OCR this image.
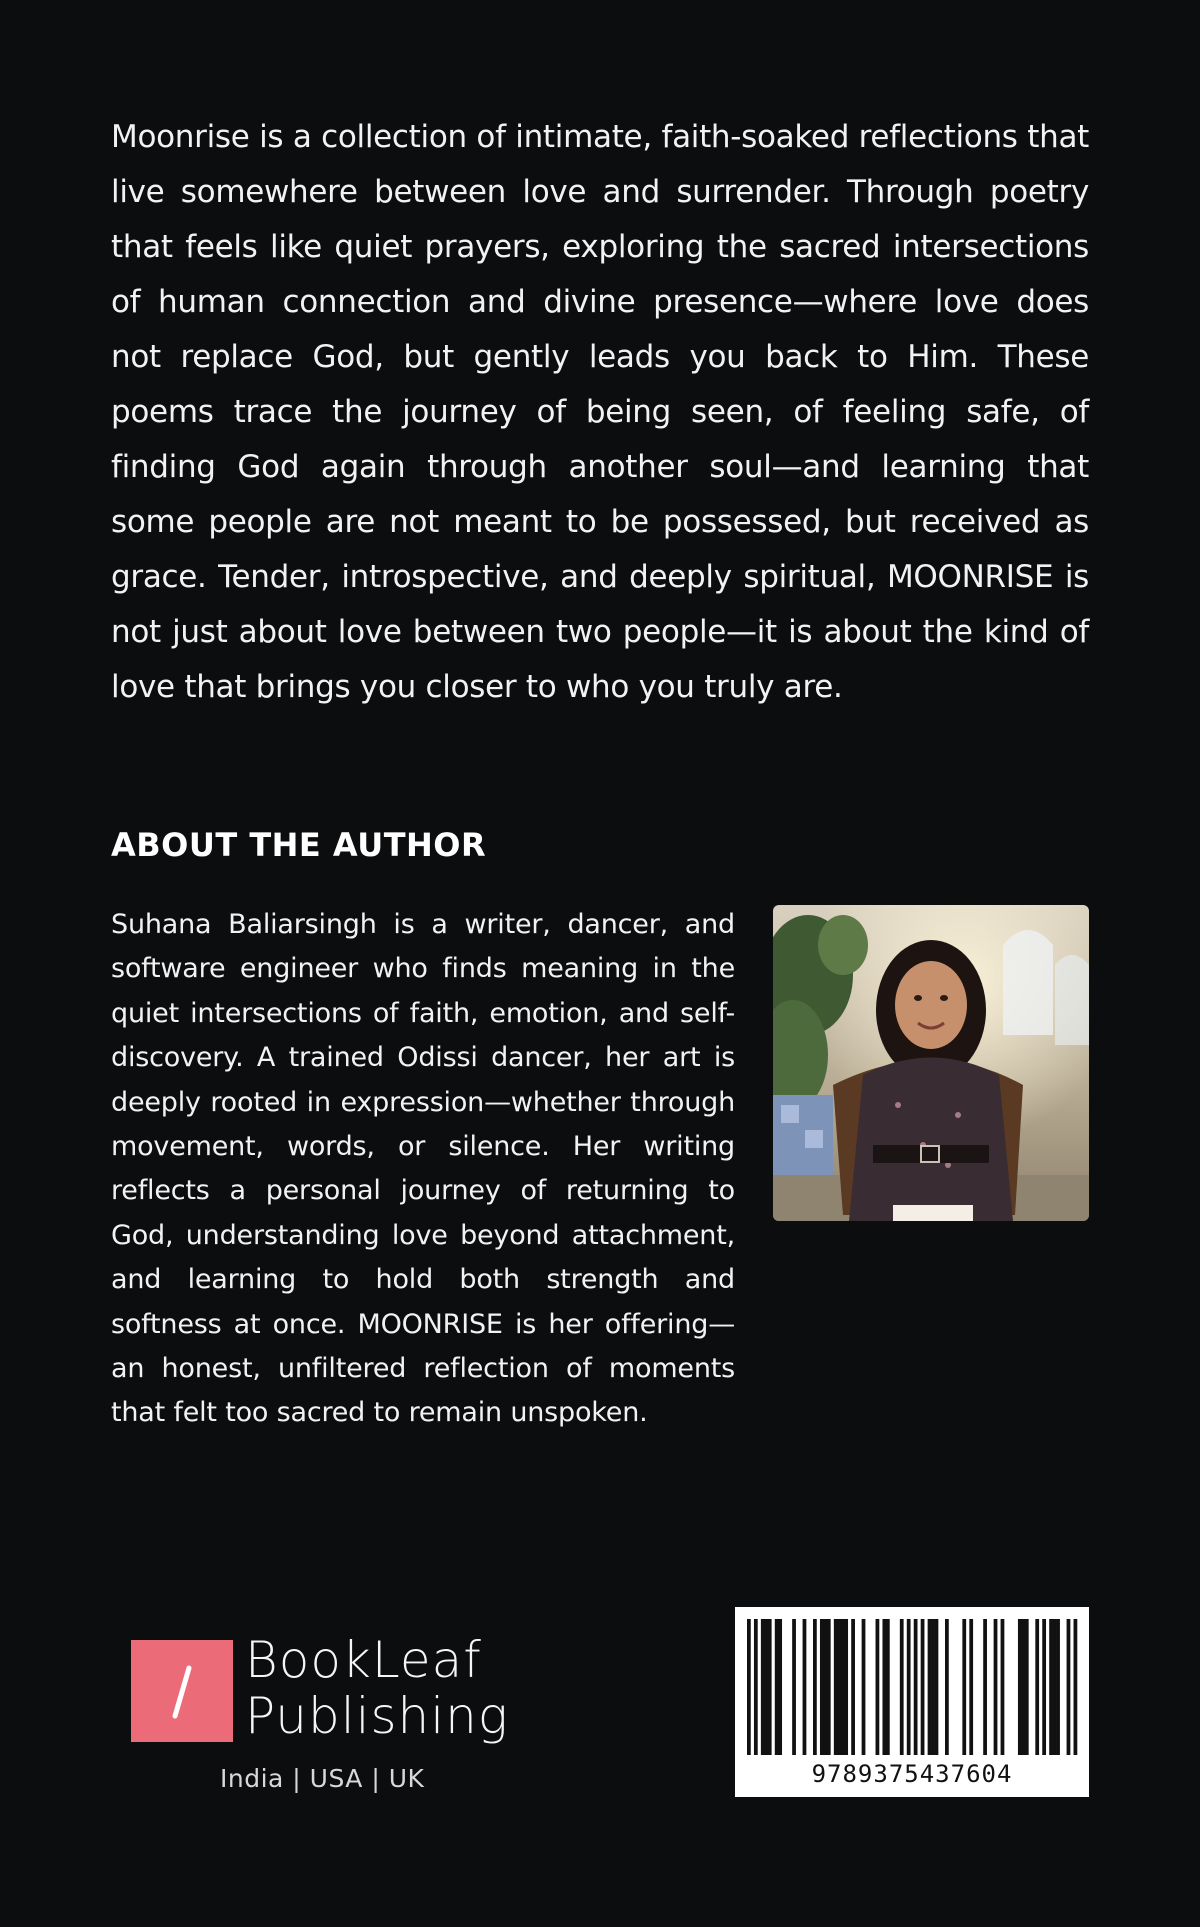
Moonrise is a collection of intimate, faith-soaked reflections that live somewhere between love and surrender. Through poetry that feels like quiet prayers, exploring the sacred intersections of human connection and divine presence—where love does not replace God, but gently leads you back to Him. These poems trace the journey of being seen, of feeling safe, of finding God again through another soul—and learning that some people are not meant to be possessed, but received as grace. Tender, introspective, and deeply spiritual, MOONRISE is not just about love between two people—it is about the kind of love that brings you closer to who you truly are.

ABOUT THE AUTHOR

Suhana Baliarsingh is a writer, dancer, and software engineer who finds meaning in the quiet intersections of faith, emotion, and self-discovery. A trained Odissi dancer, her art is deeply rooted in expression—whether through movement, words, or silence. Her writing reflects a personal journey of returning to God, understanding love beyond attachment, and learning to hold both strength and softness at once. MOONRISE is her offering—an honest, unfiltered reflection of moments that felt too sacred to remain unspoken.

BookLeaf
Publishing
India | USA | UK	9789375437604
